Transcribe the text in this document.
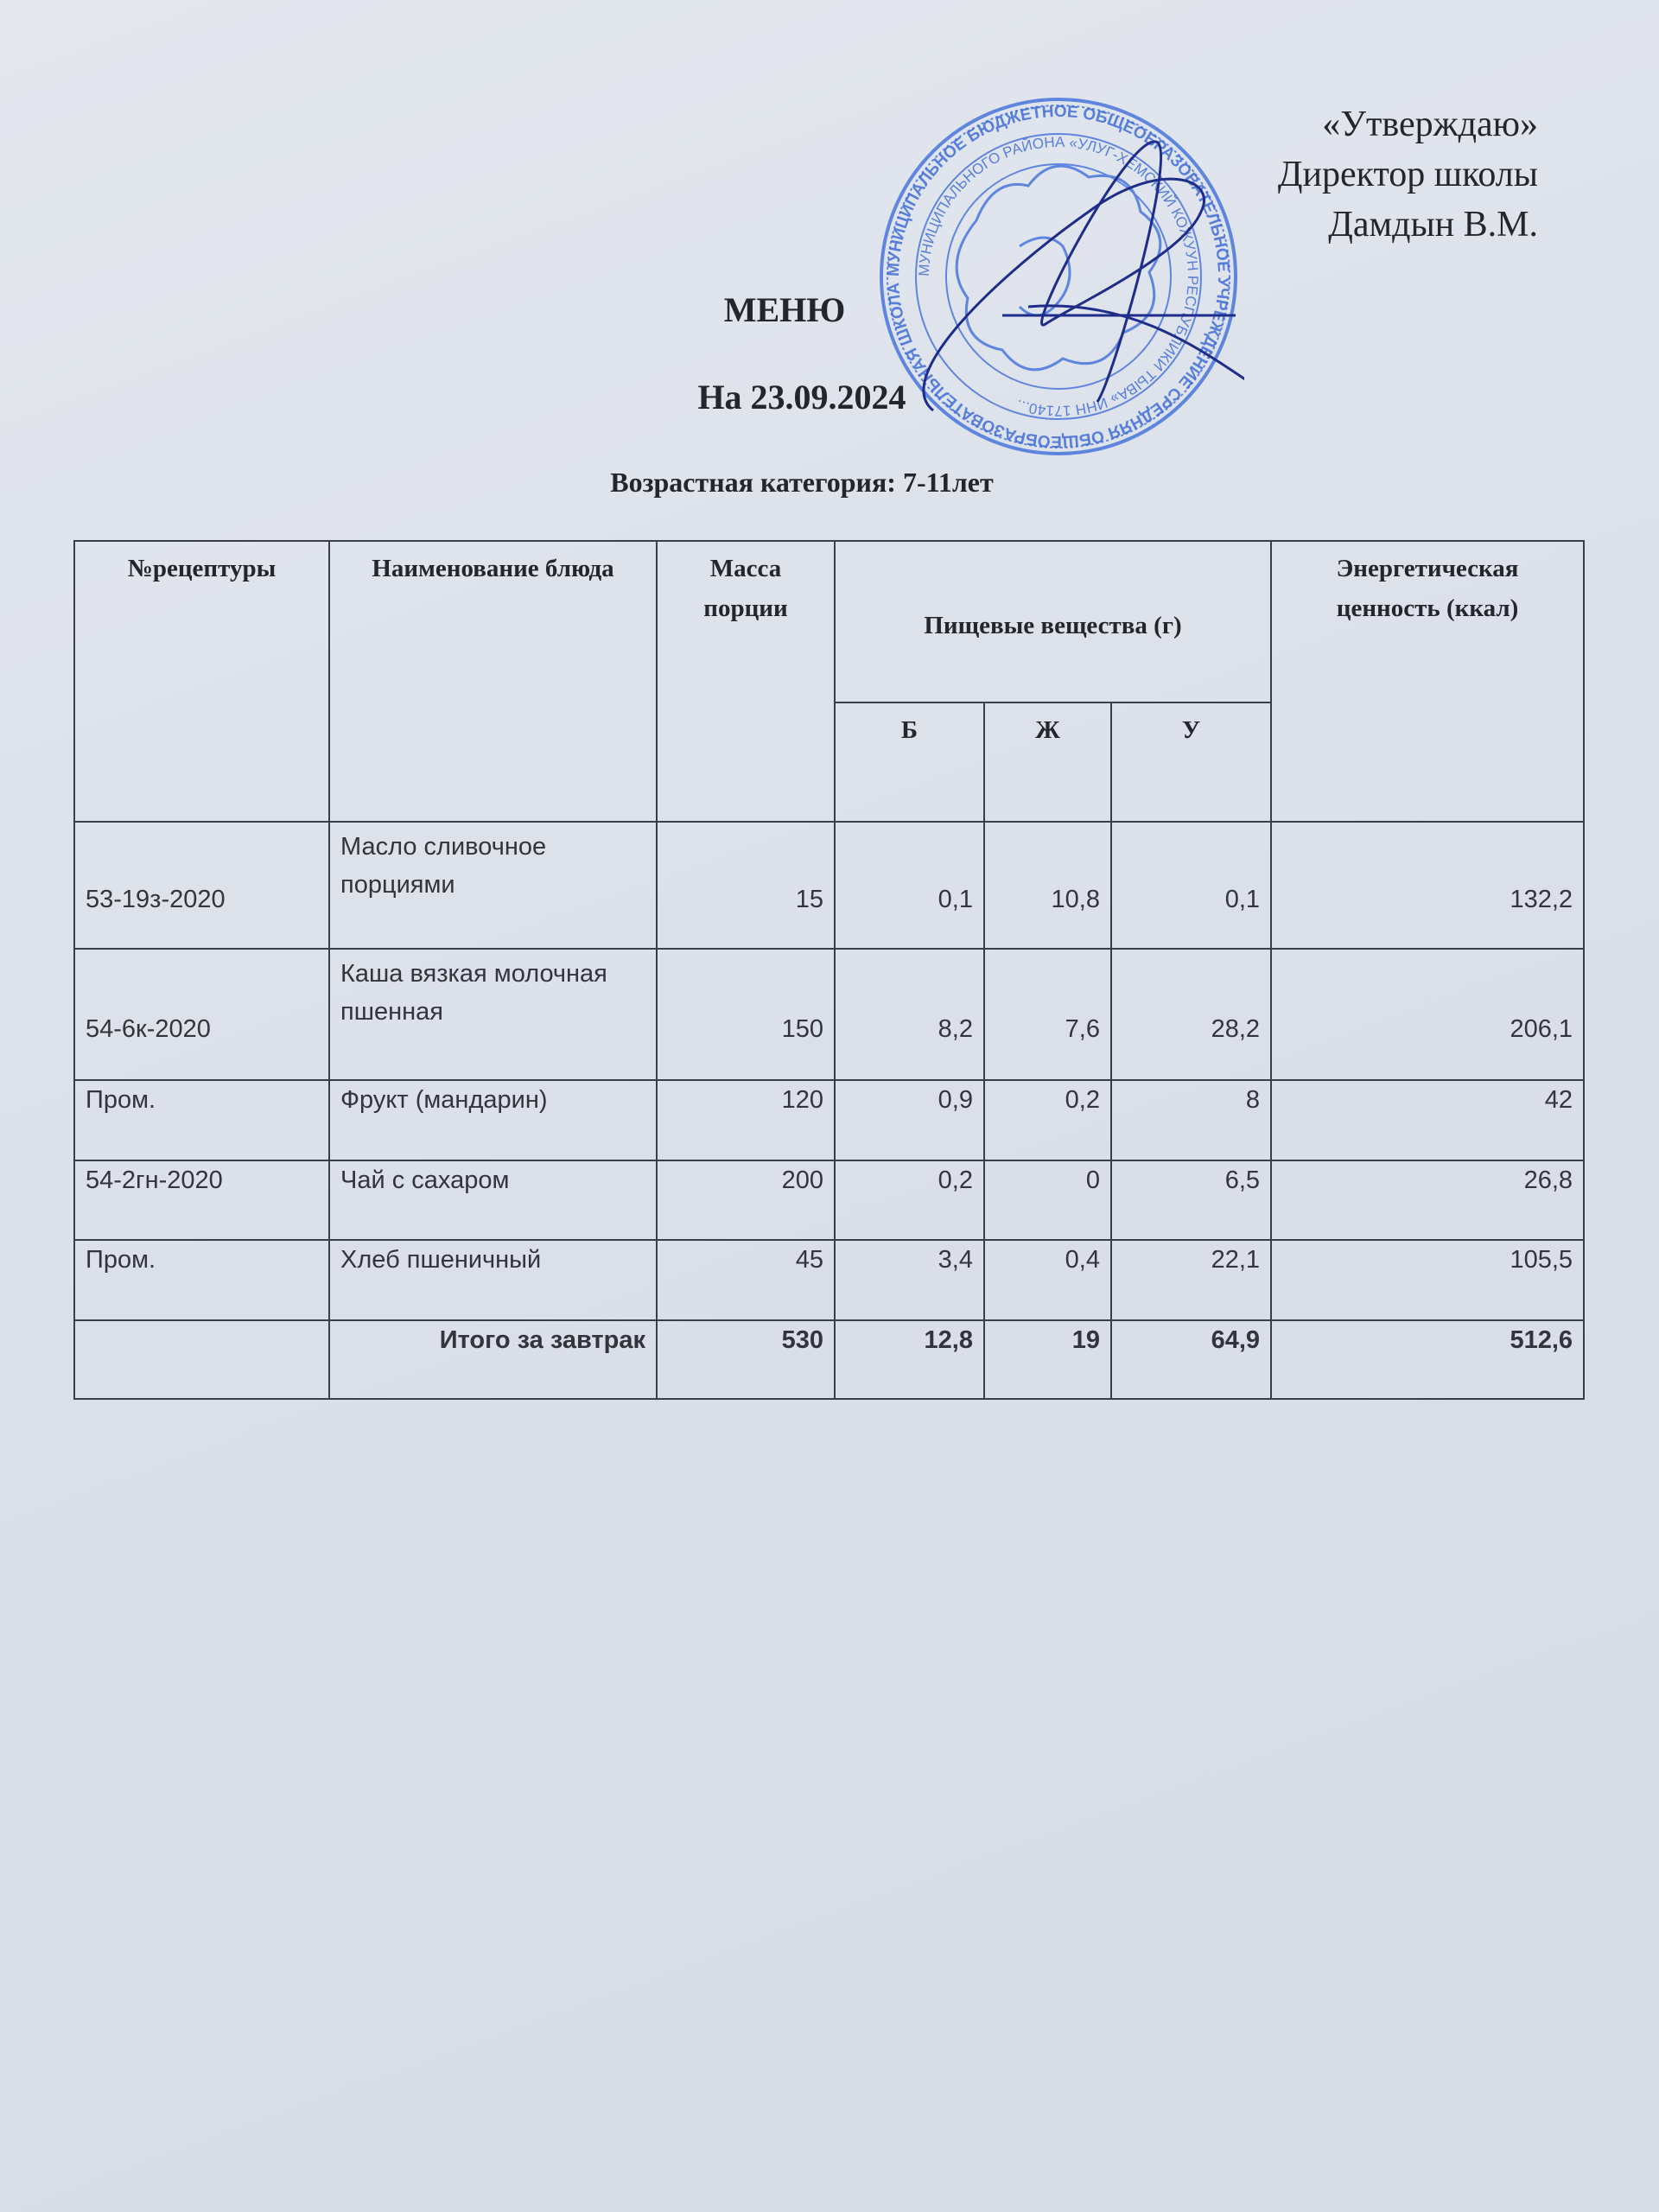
МУНИЦИПАЛЬНОЕ БЮДЖЕТНОЕ ОБЩЕОБРАЗОВАТЕЛЬНОЕ УЧРЕЖДЕНИЕ СРЕДНЯЯ ОБЩЕОБРАЗОВАТЕЛЬНАЯ ШКОЛА
МУНИЦИПАЛЬНОГО РАЙОНА «УЛУГ-ХЕМСКИЙ КОЖУУН РЕСПУБЛИКИ ТЫВА» ИНН 17140...
«Утверждаю»
Директор школы
Дамдын В.М.
МЕНЮ
На 23.09.2024
Возрастная категория: 7-11лет
№рецептуры	Наименование блюда	Масса порции	Пищевые вещества (г)			Энергетическая ценность (ккал)
			Б	Ж	У	
53-19з-2020	Масло сливочное порциями	15	0,1	10,8	0,1	132,2
54-6к-2020	Каша вязкая молочная пшенная	150	8,2	7,6	28,2	206,1
Пром.	Фрукт (мандарин)	120	0,9	0,2	8	42
54-2гн-2020	Чай с сахаром	200	0,2	0	6,5	26,8
Пром.	Хлеб пшеничный	45	3,4	0,4	22,1	105,5
	Итого за завтрак	530	12,8	19	64,9	512,6
